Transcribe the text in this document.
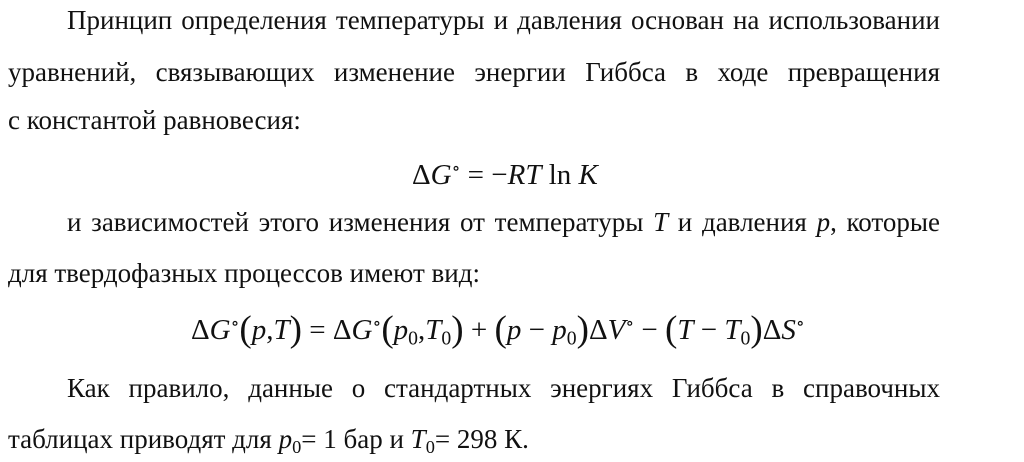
Принцип определения температуры и давления основан на использовании
уравнений, связывающих изменение энергии Гиббса в ходе превращения
с константой равновесия:
ΔG∘ = −RT ln K
и зависимостей этого изменения от температуры T и давления p, которые
для твердофазных процессов имеют вид:
$\Delta G^\circ(p,T) = \Delta G^\circ(p_0,T_0) + (p - p_0)\Delta V^\circ - (T - T_0)\Delta S^\circ$
Как правило, данные о стандартных энергиях Гиббса в справочных
таблицах приводят для $p_0= 1$ бар и $T_0= 298$ К.
